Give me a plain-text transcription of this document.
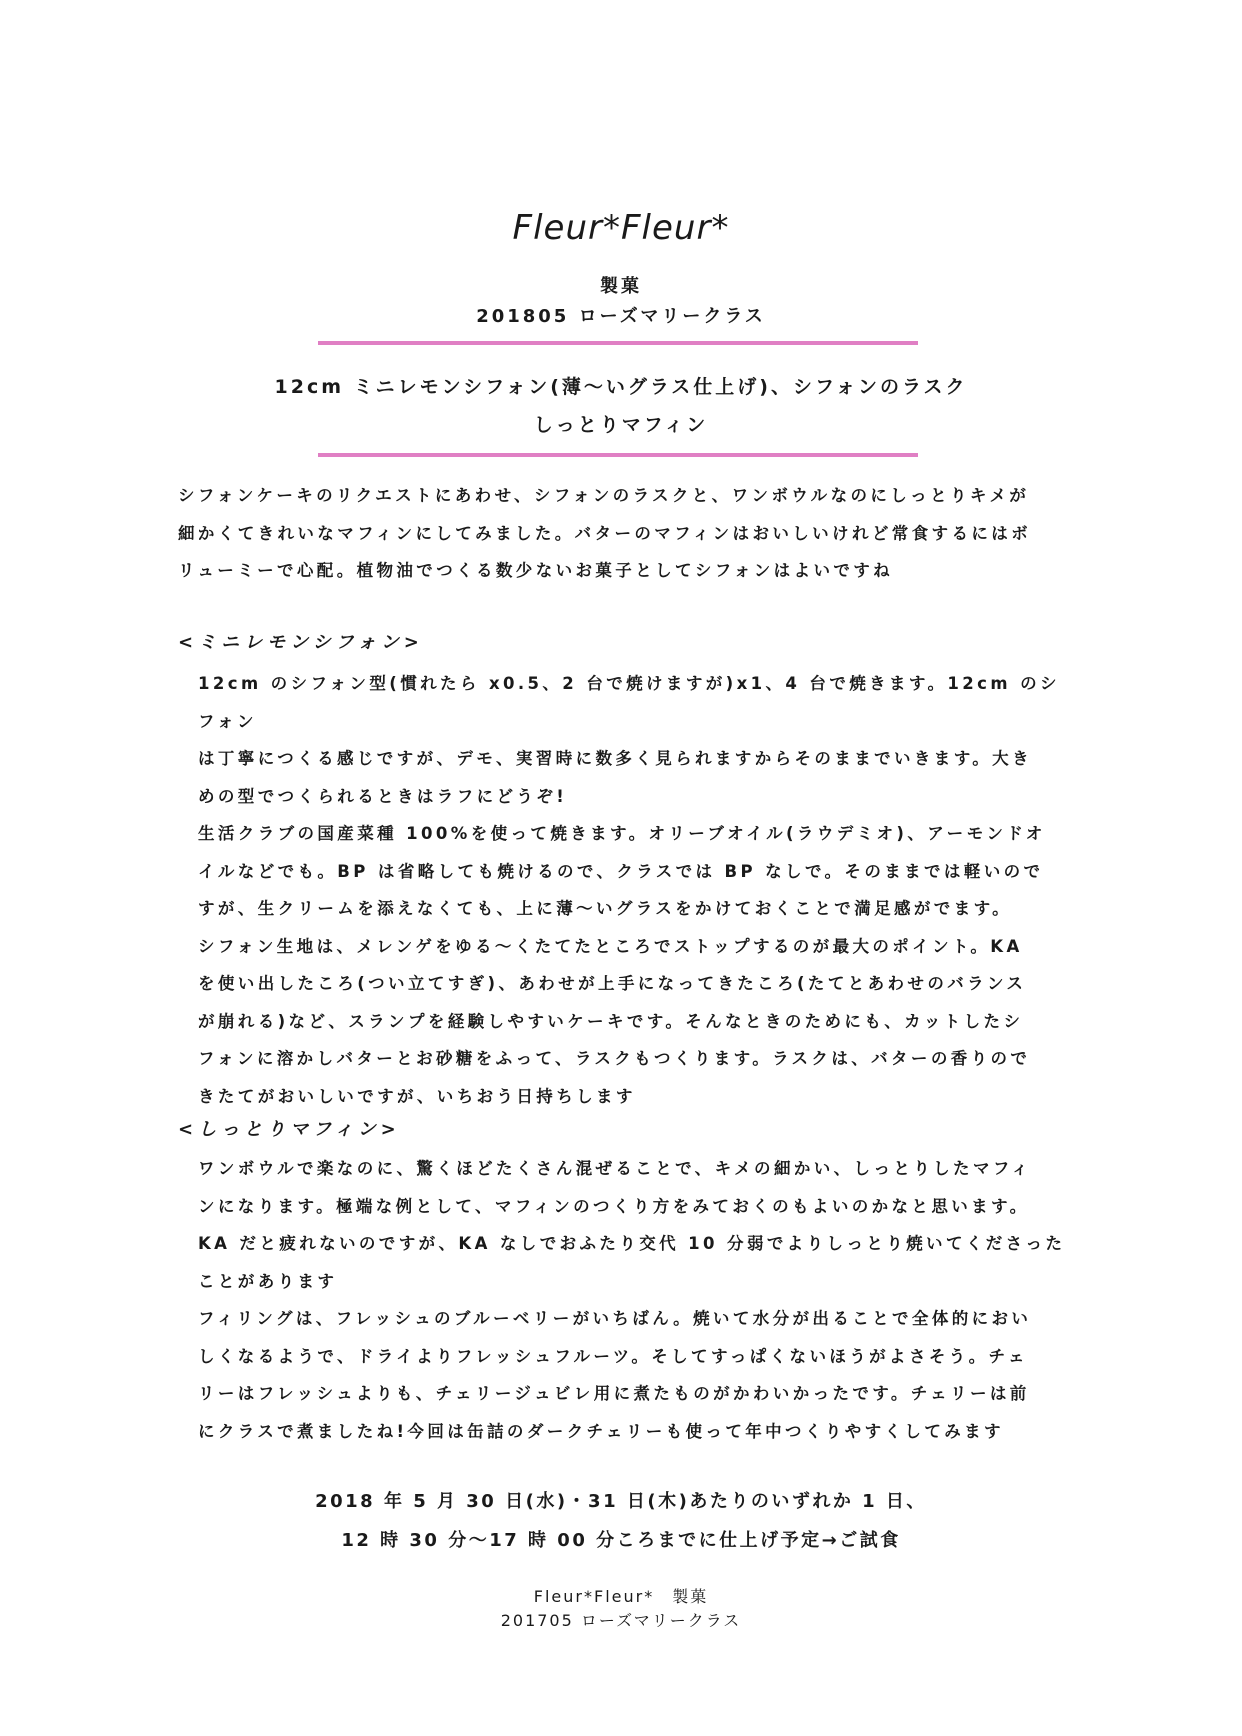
Fleur*Fleur*
製菓
201805 ローズマリークラス
12cm ミニレモンシフォン(薄〜いグラス仕上げ)、シフォンのラスク
しっとりマフィン

シフォンケーキのリクエストにあわせ、シフォンのラスクと、ワンボウルなのにしっとりキメが
細かくてきれいなマフィンにしてみました。バターのマフィンはおいしいけれど常食するにはボ
リューミーで心配。植物油でつくる数少ないお菓子としてシフォンはよいですね

<ミニレモンシフォン>

12cm のシフォン型(慣れたら x0.5、2 台で焼けますが)x1、4 台で焼きます。12cm のシフォン
は丁寧につくる感じですが、デモ、実習時に数多く見られますからそのままでいきます。大き
めの型でつくられるときはラフにどうぞ!
生活クラブの国産菜種 100%を使って焼きます。オリーブオイル(ラウデミオ)、アーモンドオ
イルなどでも。BP は省略しても焼けるので、クラスでは BP なしで。そのままでは軽いので
すが、生クリームを添えなくても、上に薄〜いグラスをかけておくことで満足感がでます。
シフォン生地は、メレンゲをゆる〜くたてたところでストップするのが最大のポイント。KA
を使い出したころ(つい立てすぎ)、あわせが上手になってきたころ(たてとあわせのバランス
が崩れる)など、スランプを経験しやすいケーキです。そんなときのためにも、カットしたシ
フォンに溶かしバターとお砂糖をふって、ラスクもつくります。ラスクは、バターの香りので
きたてがおいしいですが、いちおう日持ちします

<しっとりマフィン>

ワンボウルで楽なのに、驚くほどたくさん混ぜることで、キメの細かい、しっとりしたマフィ
ンになります。極端な例として、マフィンのつくり方をみておくのもよいのかなと思います。
KA だと疲れないのですが、KA なしでおふたり交代 10 分弱でよりしっとり焼いてくださった
ことがあります
フィリングは、フレッシュのブルーベリーがいちばん。焼いて水分が出ることで全体的におい
しくなるようで、ドライよりフレッシュフルーツ。そしてすっぱくないほうがよさそう。チェ
リーはフレッシュよりも、チェリージュビレ用に煮たものがかわいかったです。チェリーは前
にクラスで煮ましたね!今回は缶詰のダークチェリーも使って年中つくりやすくしてみます

2018 年 5 月 30 日(水)・31 日(木)あたりのいずれか 1 日、
12 時 30 分〜17 時 00 分ころまでに仕上げ予定→ご試食
Fleur*Fleur*　製菓
201705 ローズマリークラス
